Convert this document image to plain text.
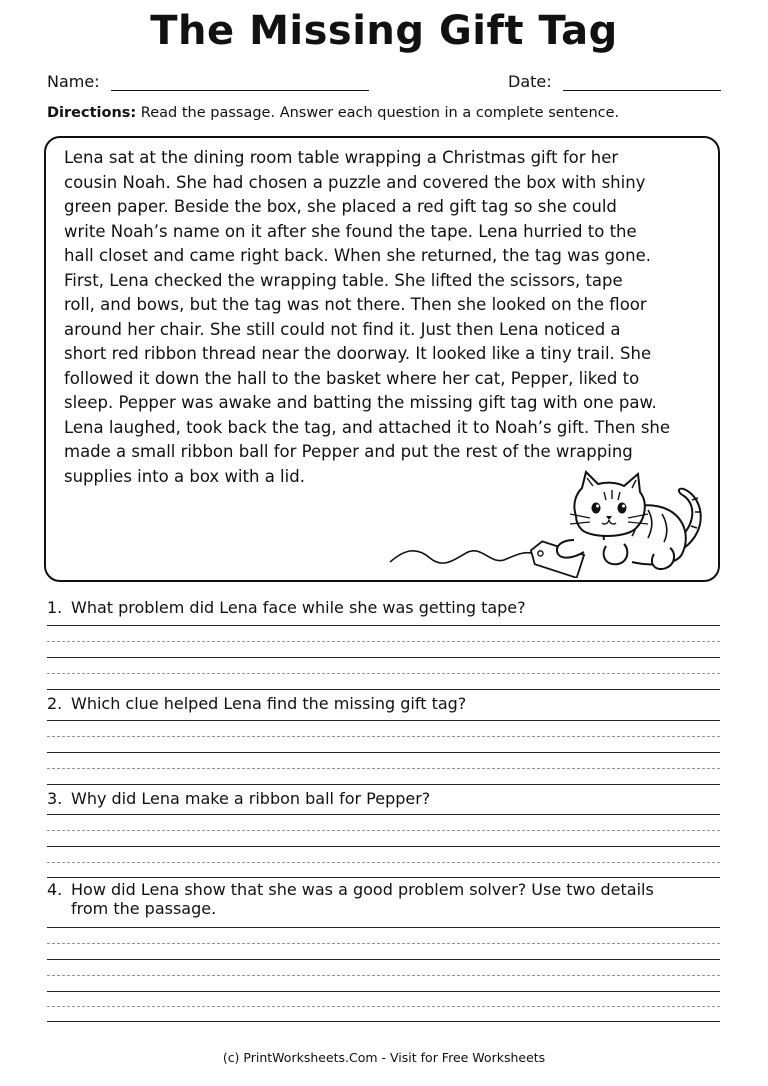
The Missing Gift Tag
Name:	Date:
Directions: Read the passage. Answer each question in a complete sentence.

Lena sat at the dining room table wrapping a Christmas gift for her
cousin Noah. She had chosen a puzzle and covered the box with shiny
green paper. Beside the box, she placed a red gift tag so she could
write Noah’s name on it after she found the tape. Lena hurried to the
hall closet and came right back. When she returned, the tag was gone.
First, Lena checked the wrapping table. She lifted the scissors, tape
roll, and bows, but the tag was not there. Then she looked on the floor
around her chair. She still could not find it. Just then Lena noticed a
short red ribbon thread near the doorway. It looked like a tiny trail. She
followed it down the hall to the basket where her cat, Pepper, liked to
sleep. Pepper was awake and batting the missing gift tag with one paw.
Lena laughed, took back the tag, and attached it to Noah’s gift. Then she
made a small ribbon ball for Pepper and put the rest of the wrapping
supplies into a box with a lid.

1. What problem did Lena face while she was getting tape?
2. Which clue helped Lena find the missing gift tag?
3. Why did Lena make a ribbon ball for Pepper?
4. How did Lena show that she was a good problem solver? Use two details
from the passage.
(c) PrintWorksheets.Com - Visit for Free Worksheets
